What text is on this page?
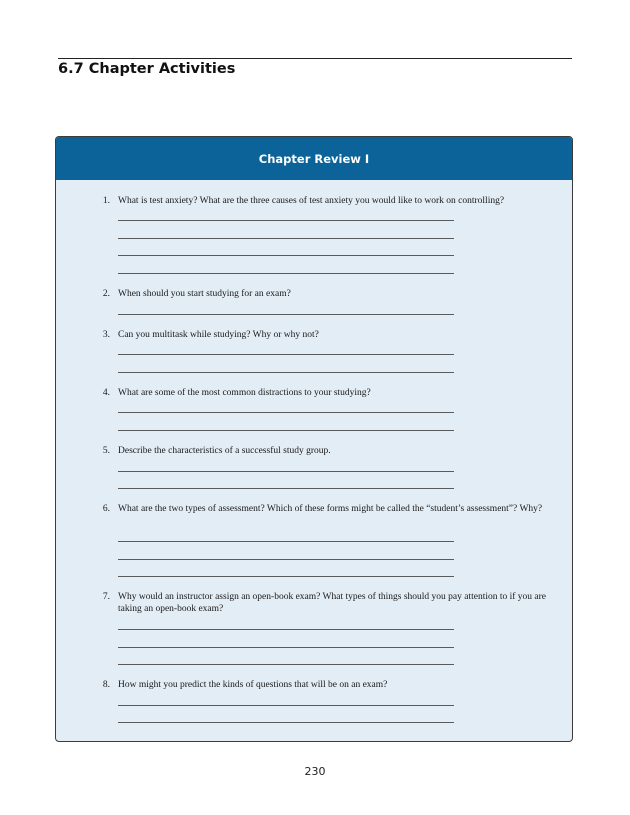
6.7 Chapter Activities
Chapter Review I
1. What is test anxiety? What are the three causes of test anxiety you would like to work on controlling?
2. When should you start studying for an exam?
3. Can you multitask while studying? Why or why not?
4. What are some of the most common distractions to your studying?
5. Describe the characteristics of a successful study group.
6. What are the two types of assessment? Which of these forms might be called the “student’s assessment”? Why?
7. Why would an instructor assign an open-book exam? What types of things should you pay attention to if you are taking an open-book exam?
8. How might you predict the kinds of questions that will be on an exam?
230
